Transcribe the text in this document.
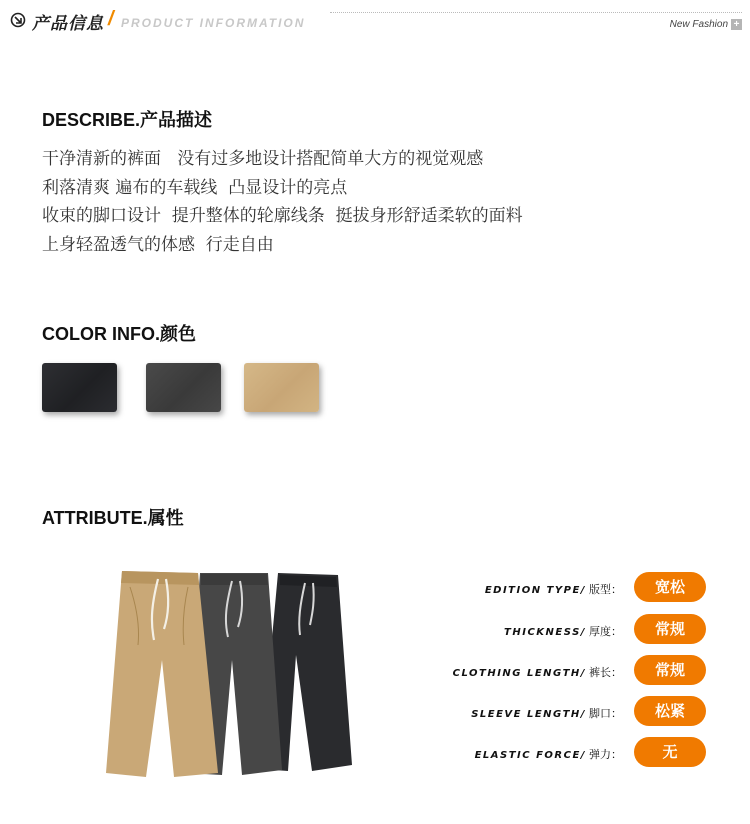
产品信息 / PRODUCT INFORMATION	New Fashion +
DESCRIBE.产品描述
干净清新的裤面   没有过多地设计搭配简单大方的视觉观感
利落清爽 遍布的车载线  凸显设计的亮点
收束的脚口设计  提升整体的轮廓线条  挺拔身形舒适柔软的面料
上身轻盈透气的体感  行走自由
COLOR INFO.颜色
ATTRIBUTE.属性
EDITION TYPE/ 版型：	宽松
THICKNESS/ 厚度：	常规
CLOTHING LENGTH/ 裤长：	常规
SLEEVE LENGTH/ 脚口：	松紧
ELASTIC FORCE/ 弹力：	无
